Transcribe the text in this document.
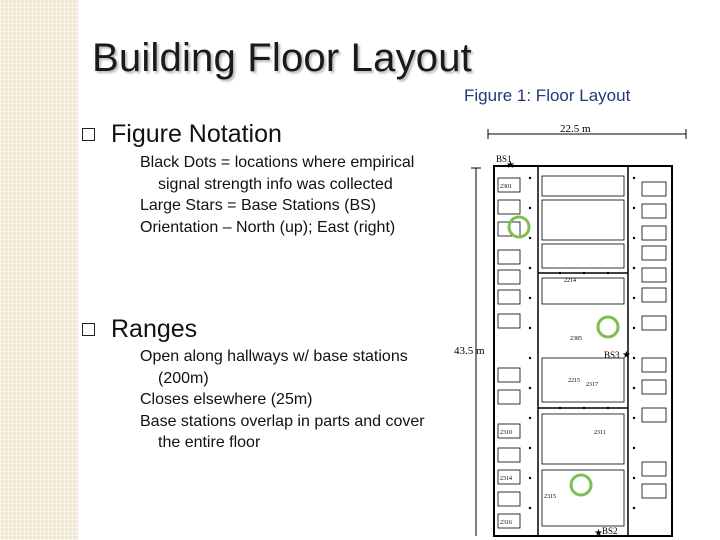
Building Floor Layout
Figure 1: Floor Layout
Figure Notation
Black Dots = locations where empirical signal strength info was collected
Large Stars = Base Stations (BS)
Orientation – North (up); East (right)
Ranges
Open along hallways w/ base stations (200m)
Closes elsewhere (25m)
Base stations overlap in parts and cover the entire floor
22.5 m
43.5 m
2301
2214
2385
2215
2310
2316
2311
2315
2314
2317
BS1
BS3
BS2
★
★
★
